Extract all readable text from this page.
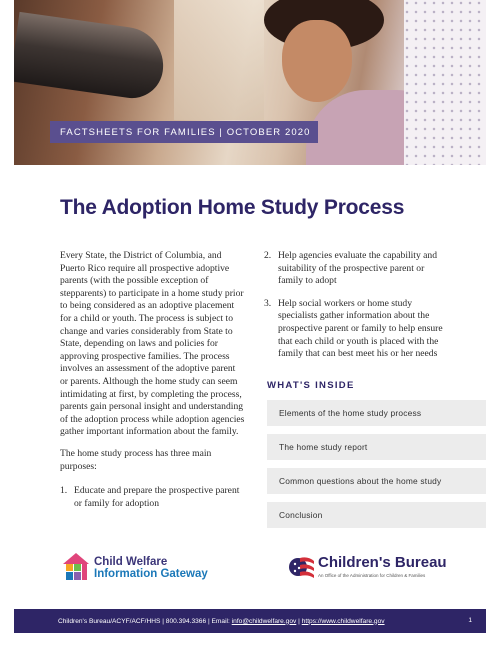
FACTSHEETS FOR FAMILIES | OCTOBER 2020
The Adoption Home Study Process

Every State, the District of Columbia, and Puerto Rico require all prospective adoptive parents (with the possible exception of stepparents) to participate in a home study prior to being considered as an adoptive placement for a child or youth. The process is subject to change and varies considerably from State to State, depending on laws and policies for approving prospective families. The process involves an assessment of the adoptive parent or parents. Although the home study can seem intimidating at first, by completing the process, parents gain personal insight and understanding of the adoption process while adoption agencies gather important information about the family.

The home study process has three main purposes:

1. Educate and prepare the prospective parent or family for adoption
2. Help agencies evaluate the capability and suitability of the prospective parent or family to adopt
3. Help social workers or home study specialists gather information about the prospective parent or family to help ensure that each child or youth is placed with the family that can best meet his or her needs
WHAT'S INSIDE
Elements of the home study process
The home study report
Common questions about the home study
Conclusion
Child Welfare
Information Gateway
Children's Bureau
An Office of the Administration for Children & Families
Children's Bureau/ACYF/ACF/HHS | 800.394.3366 | Email:
info@childwelfare.gov | https://www.childwelfare.gov	1
